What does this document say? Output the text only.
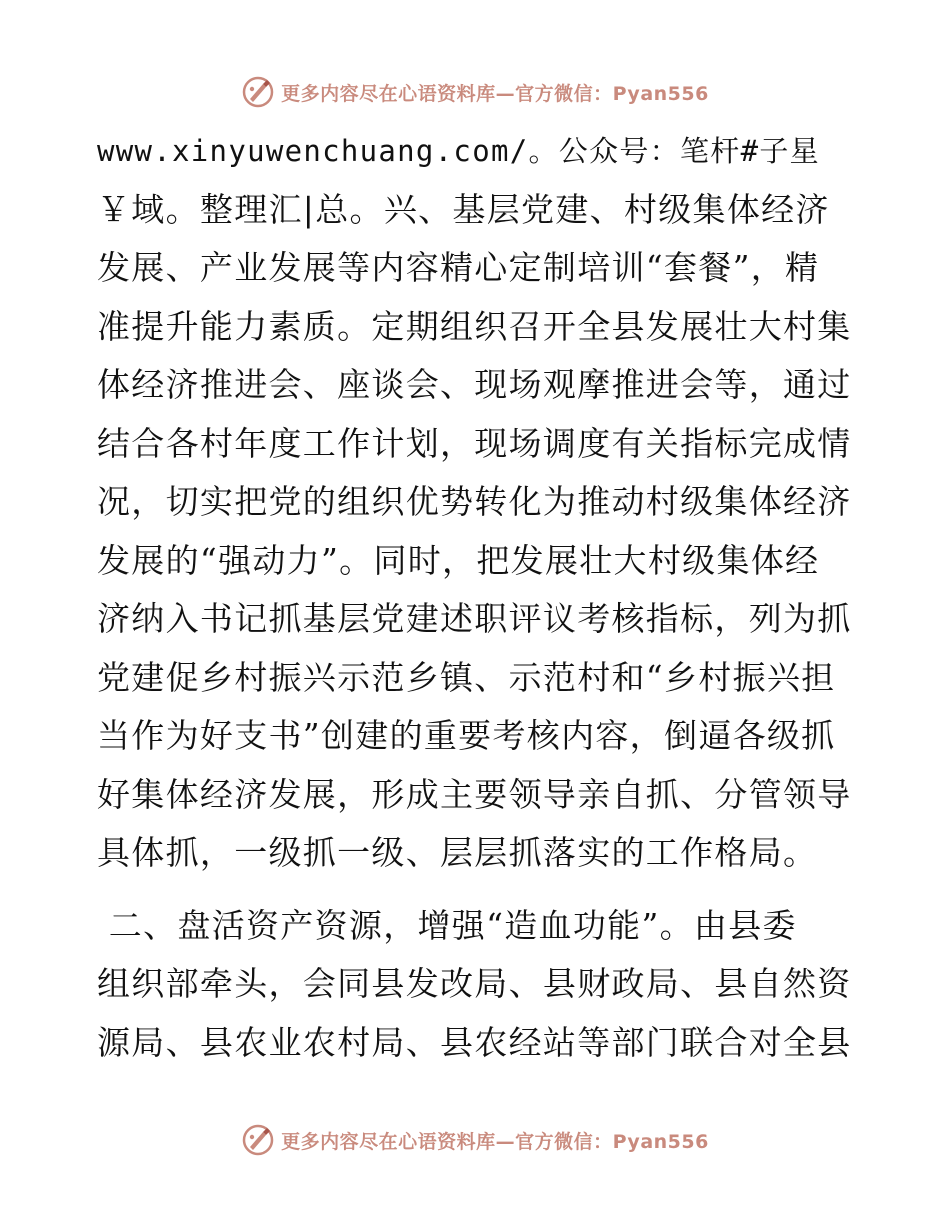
更多内容尽在心语资料库—官方微信：Pyan556
www.xinyuwenchuang.com/。公众号：笔杆#子星
￥域。整理汇|总。兴、基层党建、村级集体经济
发展、产业发展等内容精心定制培训“套餐”，精
准提升能力素质。定期组织召开全县发展壮大村集
体经济推进会、座谈会、现场观摩推进会等，通过
结合各村年度工作计划，现场调度有关指标完成情
况，切实把党的组织优势转化为推动村级集体经济
发展的“强动力”。同时，把发展壮大村级集体经
济纳入书记抓基层党建述职评议考核指标，列为抓
党建促乡村振兴示范乡镇、示范村和“乡村振兴担
当作为好支书”创建的重要考核内容，倒逼各级抓
好集体经济发展，形成主要领导亲自抓、分管领导
具体抓，一级抓一级、层层抓落实的工作格局。
二、盘活资产资源，增强“造血功能”。由县委
组织部牵头，会同县发改局、县财政局、县自然资
源局、县农业农村局、县农经站等部门联合对全县
更多内容尽在心语资料库—官方微信：Pyan556
